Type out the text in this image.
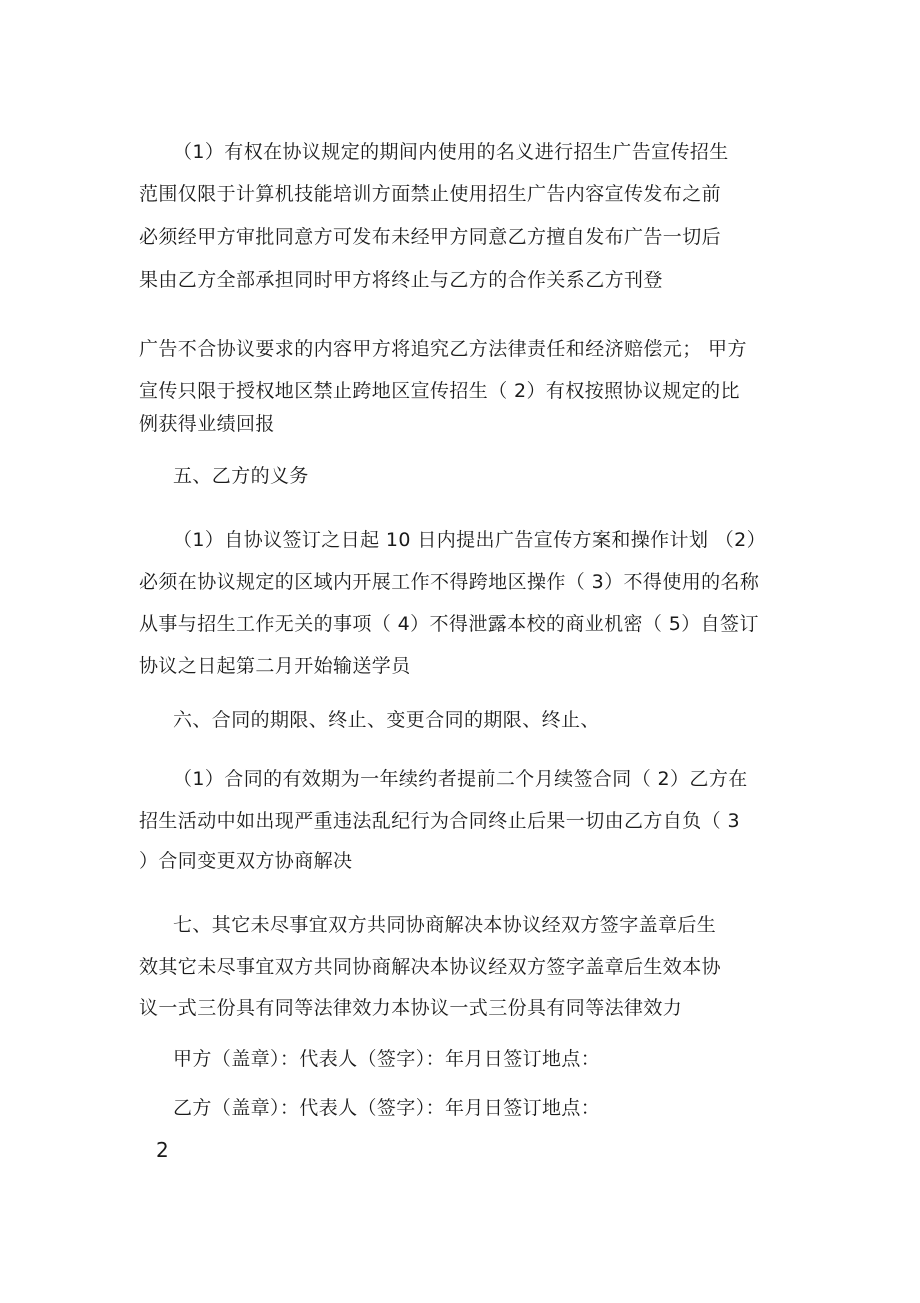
（1）有权在协议规定的期间内使用的名义进行招生广告宣传招生

范围仅限于计算机技能培训方面禁止使用招生广告内容宣传发布之前

必须经甲方审批同意方可发布未经甲方同意乙方擅自发布广告一切后

果由乙方全部承担同时甲方将终止与乙方的合作关系乙方刊登

广告不合协议要求的内容甲方将追究乙方法律责任和经济赔偿元； 甲方

宣传只限于授权地区禁止跨地区宣传招生（ 2）有权按照协议规定的比

例获得业绩回报

五、乙方的义务

（1）自协议签订之日起 10 日内提出广告宣传方案和操作计划 （2）

必须在协议规定的区域内开展工作不得跨地区操作（ 3）不得使用的名称

从事与招生工作无关的事项（ 4）不得泄露本校的商业机密（ 5）自签订

协议之日起第二月开始输送学员

六、合同的期限、终止、变更合同的期限、终止、

（1）合同的有效期为一年续约者提前二个月续签合同（ 2）乙方在

招生活动中如出现严重违法乱纪行为合同终止后果一切由乙方自负（ 3

）合同变更双方协商解决

七、其它未尽事宜双方共同协商解决本协议经双方签字盖章后生

效其它未尽事宜双方共同协商解决本协议经双方签字盖章后生效本协

议一式三份具有同等法律效力本协议一式三份具有同等法律效力

甲方（盖章）：代表人（签字）：年月日签订地点：

乙方（盖章）：代表人（签字）：年月日签订地点：

2
